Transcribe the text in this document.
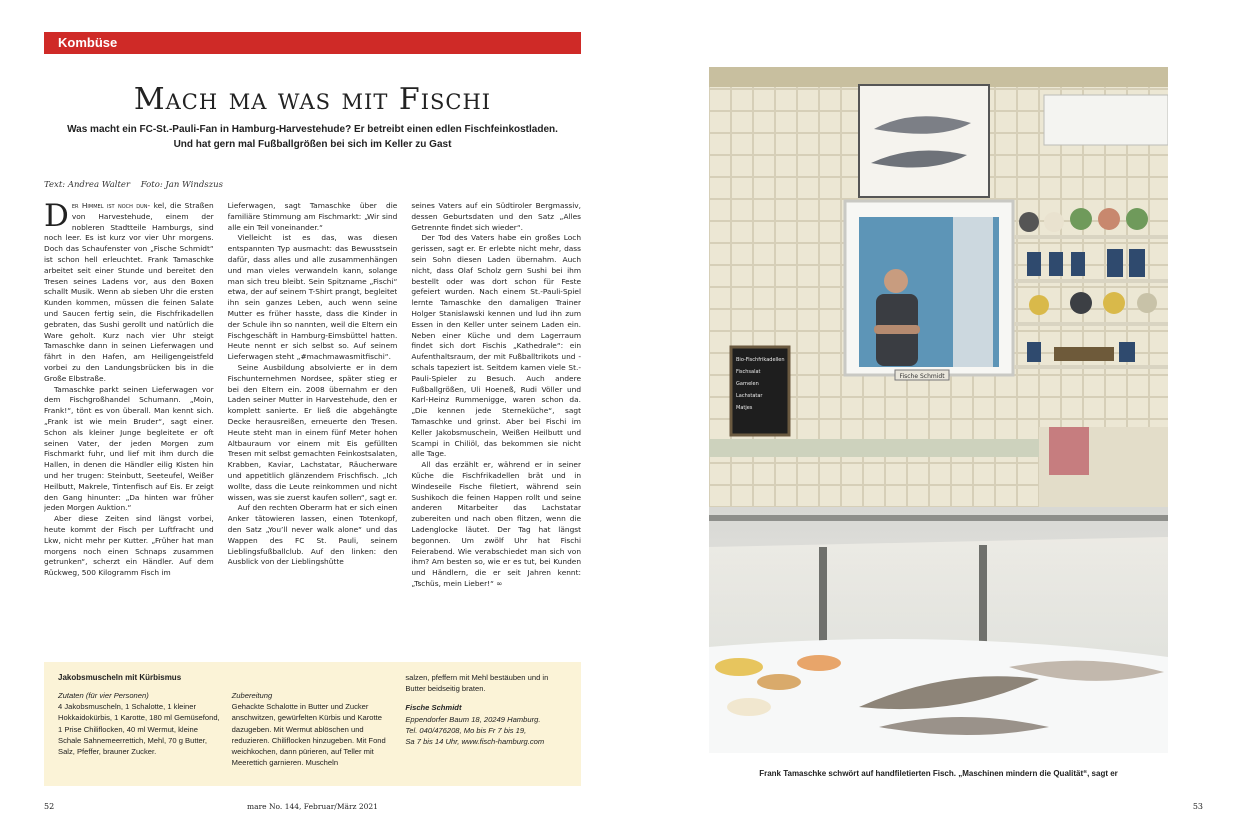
Kombüse
Mach ma was mit Fischi

Was macht ein FC-St.-Pauli-Fan in Hamburg-Harvestehude? Er betreibt einen edlen Fischfeinkostladen.

Und hat gern mal Fußballgrößen bei sich im Keller zu Gast

Text: Andrea Walter Foto: Jan Windszus

Der Himmel ist noch dun- kel, die Straßen von Harvestehude, einem der nobleren Stadtteile Hamburgs, sind noch leer. Es ist kurz vor vier Uhr morgens. Doch das Schaufenster von „Fische Schmidt“ ist schon hell erleuchtet. Frank Tamaschke arbeitet seit einer Stunde und bereitet den Tresen seines Ladens vor, aus den Boxen schallt Musik. Wenn ab sieben Uhr die ersten Kunden kommen, müssen die feinen Salate und Saucen fertig sein, die Fischfrikadellen gebraten, das Sushi gerollt und natürlich die Ware geholt. Kurz nach vier Uhr steigt Tamaschke dann in seinen Lieferwagen und fährt in den Hafen, am Heiligengeistfeld vorbei zu den Landungsbrücken bis in die Große Elbstraße.

Tamaschke parkt seinen Lieferwagen vor dem Fischgroßhandel Schumann. „Moin, Frank!“, tönt es von überall. Man kennt sich. „Frank ist wie mein Bruder“, sagt einer. Schon als kleiner Junge begleitete er oft seinen Vater, der jeden Morgen zum Fischmarkt fuhr, und lief mit ihm durch die Hallen, in denen die Händler eilig Kisten hin und her trugen: Steinbutt, Seeteufel, Weißer Heilbutt, Makrele, Tintenfisch auf Eis. Er zeigt den Gang hinunter: „Da hinten war früher jeden Morgen Auktion.“

Aber diese Zeiten sind längst vorbei, heute kommt der Fisch per Luftfracht und Lkw, nicht mehr per Kutter. „Früher hat man morgens noch einen Schnaps zusammen getrunken“, scherzt ein Händler. Auf dem Rückweg, 500 Kilogramm Fisch im

Lieferwagen, sagt Tamaschke über die familiäre Stimmung am Fischmarkt: „Wir sind alle ein Teil voneinander.“

Vielleicht ist es das, was diesen entspannten Typ ausmacht: das Bewusstsein dafür, dass alles und alle zusammenhängen und man vieles verwandeln kann, solange man sich treu bleibt. Sein Spitzname „Fischi“ etwa, der auf seinem T-Shirt prangt, begleitet ihn sein ganzes Leben, auch wenn seine Mutter es früher hasste, dass die Kinder in der Schule ihn so nannten, weil die Eltern ein Fischgeschäft in Hamburg-Eimsbüttel hatten. Heute nennt er sich selbst so. Auf seinem Lieferwagen steht „#machmawasmitfischi“.

Seine Ausbildung absolvierte er in dem Fischunternehmen Nordsee, später stieg er bei den Eltern ein. 2008 übernahm er den Laden seiner Mutter in Harvestehude, den er komplett sanierte. Er ließ die abgehängte Decke herausreißen, erneuerte den Tresen. Heute steht man in einem fünf Meter hohen Altbauraum vor einem mit Eis gefüllten Tresen mit selbst gemachten Feinkostsalaten, Krabben, Kaviar, Lachstatar, Räucherware und appetitlich glänzendem Frischfisch. „Ich wollte, dass die Leute reinkommen und nicht wissen, was sie zuerst kaufen sollen“, sagt er.

Auf den rechten Oberarm hat er sich einen Anker tätowieren lassen, einen Totenkopf, den Satz „You’ll never walk alone“ und das Wappen des FC St. Pauli, seinem Lieblingsfußballclub. Auf den linken: den Ausblick von der Lieblingshütte

seines Vaters auf ein Südtiroler Bergmassiv, dessen Geburtsdaten und den Satz „Alles Getrennte findet sich wieder“.

Der Tod des Vaters habe ein großes Loch gerissen, sagt er. Er erlebte nicht mehr, dass sein Sohn diesen Laden übernahm. Auch nicht, dass Olaf Scholz gern Sushi bei ihm bestellt oder was dort schon für Feste gefeiert wurden. Nach einem St.-Pauli-Spiel lernte Tamaschke den damaligen Trainer Holger Stanislawski kennen und lud ihn zum Essen in den Keller unter seinem Laden ein. Neben einer Küche und dem Lagerraum findet sich dort Fischis „Kathedrale“: ein Aufenthaltsraum, der mit Fußballtrikots und -schals tapeziert ist. Seitdem kamen viele St.-Pauli-Spieler zu Besuch. Auch andere Fußballgrößen, Uli Hoeneß, Rudi Völler und Karl-Heinz Rummenigge, waren schon da. „Die kennen jede Sterneküche“, sagt Tamaschke und grinst. Aber bei Fischi im Keller Jakobsmuschein, Weißen Heilbutt und Scampi in Chiliöl, das bekommen sie nicht alle Tage.

All das erzählt er, während er in seiner Küche die Fischfrikadellen brät und in Windeseile Fische filetiert, während sein Sushikoch die feinen Happen rollt und seine anderen Mitarbeiter das Lachstatar zubereiten und nach oben flitzen, wenn die Ladenglocke läutet. Der Tag hat längst begonnen. Um zwölf Uhr hat Fischi Feierabend. Wie verabschiedet man sich von ihm? Am besten so, wie er es tut, bei Kunden und Händlern, die er seit Jahren kennt: „Tschüs, mein Lieber!“ ∞

Jakobsmuscheln mit Kürbismus
Zutaten (für vier Personen)

4 Jakobsmuscheln, 1 Schalotte, 1 kleiner Hokkaidokürbis, 1 Karotte, 180 ml Gemüsefond, 1 Prise Chiliflocken, 40 ml Wermut, kleine Schale Sahnemeerrettich, Mehl, 70 g Butter, Salz, Pfeffer, brauner Zucker.

Zubereitung

Gehackte Schalotte in Butter und Zucker anschwitzen, gewürfelten Kürbis und Karotte dazugeben. Mit Wermut ablöschen und reduzieren. Chiliflocken hinzugeben. Mit Fond weichkochen, dann pürieren, auf Teller mit Meerettich garnieren. Muscheln

salzen, pfeffern mit Mehl bestäuben und in Butter beidseitig braten.

Fische Schmidt
Eppendorfer Baum 18, 20249 Hamburg.
Tel. 040/476208, Mo bis Fr 7 bis 19,
Sa 7 bis 14 Uhr, www.fisch-hamburg.com
52	mare No. 144, Februar/März 2021
Bio-Fischfrikadellen
Fischsalat
Garnelen
Lachstatar
Matjes
Fische Schmidt
Frank Tamaschke schwört auf handfiletierten Fisch. „Maschinen mindern die Qualität“, sagt er
53
